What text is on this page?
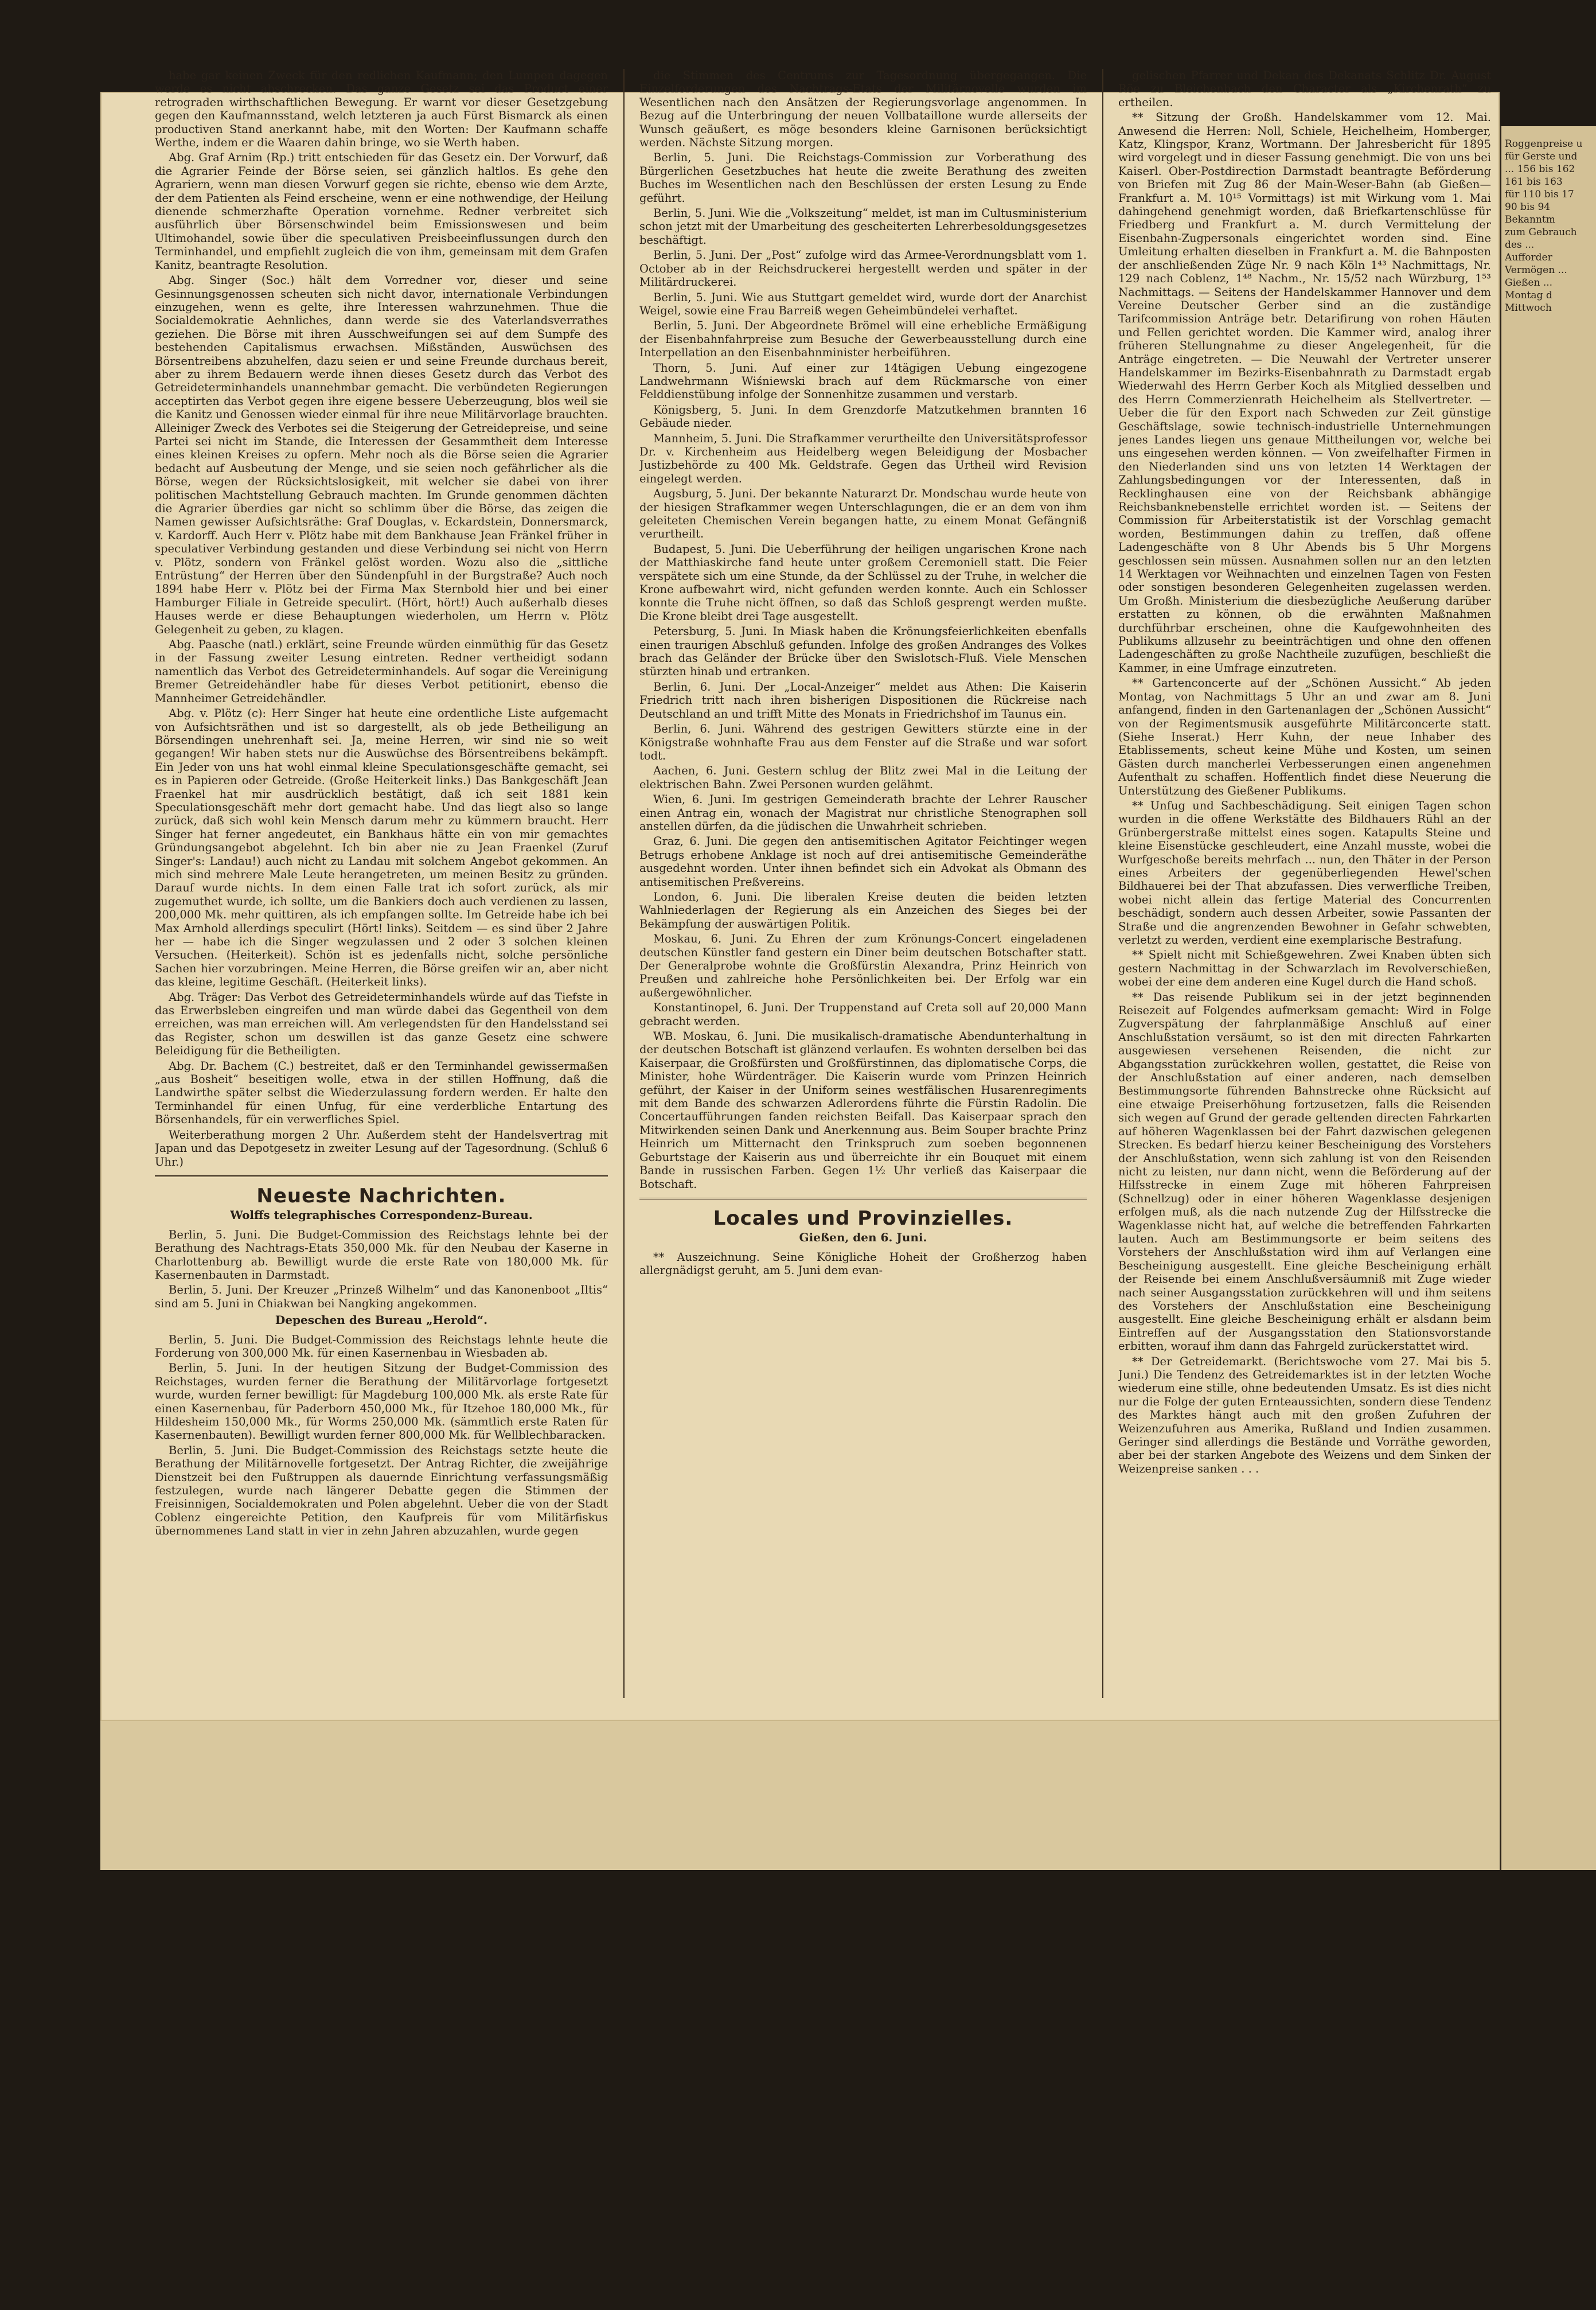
habe gar keinen Zweck für den redlichen Kaufmann; den Lumpen dagegen werde es nicht abschrecken. Das ganze Gesetz sei das Product einer retrograden wirthschaftlichen Bewegung. Er warnt vor dieser Gesetzgebung gegen den Kaufmannsstand, welch letzteren ja auch Fürst Bismarck als einen productiven Stand anerkannt habe, mit den Worten: Der Kaufmann schaffe Werthe, indem er die Waaren dahin bringe, wo sie Werth haben.

Abg. Graf Arnim (Rp.) tritt entschieden für das Gesetz ein. Der Vorwurf, daß die Agrarier Feinde der Börse seien, sei gänzlich haltlos. Es gehe den Agrariern, wenn man diesen Vorwurf gegen sie richte, ebenso wie dem Arzte, der dem Patienten als Feind erscheine, wenn er eine nothwendige, der Heilung dienende schmerzhafte Operation vornehme. Redner verbreitet sich ausführlich über Börsenschwindel beim Emissionswesen und beim Ultimohandel, sowie über die speculativen Preisbeeinflussungen durch den Terminhandel, und empfiehlt zugleich die von ihm, gemeinsam mit dem Grafen Kanitz, beantragte Resolution.

Abg. Singer (Soc.) hält dem Vorredner vor, dieser und seine Gesinnungsgenossen scheuten sich nicht davor, internationale Verbindungen einzugehen, wenn es gelte, ihre Interessen wahrzunehmen. Thue die Socialdemokratie Aehnliches, dann werde sie des Vaterlandsverrathes geziehen. Die Börse mit ihren Ausschweifungen sei auf dem Sumpfe des bestehenden Capitalismus erwachsen. Mißständen, Auswüchsen des Börsentreibens abzuhelfen, dazu seien er und seine Freunde durchaus bereit, aber zu ihrem Bedauern werde ihnen dieses Gesetz durch das Verbot des Getreideterminhandels unannehmbar gemacht. Die verbündeten Regierungen acceptirten das Verbot gegen ihre eigene bessere Ueberzeugung, blos weil sie die Kanitz und Genossen wieder einmal für ihre neue Militärvorlage brauchten. Alleiniger Zweck des Verbotes sei die Steigerung der Getreidepreise, und seine Partei sei nicht im Stande, die Interessen der Gesammtheit dem Interesse eines kleinen Kreises zu opfern. Mehr noch als die Börse seien die Agrarier bedacht auf Ausbeutung der Menge, und sie seien noch gefährlicher als die Börse, wegen der Rücksichtslosigkeit, mit welcher sie dabei von ihrer politischen Machtstellung Gebrauch machten. Im Grunde genommen dächten die Agrarier überdies gar nicht so schlimm über die Börse, das zeigen die Namen gewisser Aufsichtsräthe: Graf Douglas, v. Eckardstein, Donnersmarck, v. Kardorff. Auch Herr v. Plötz habe mit dem Bankhause Jean Fränkel früher in speculativer Verbindung gestanden und diese Verbindung sei nicht von Herrn v. Plötz, sondern von Fränkel gelöst worden. Wozu also die „sittliche Entrüstung“ der Herren über den Sündenpfuhl in der Burgstraße? Auch noch 1894 habe Herr v. Plötz bei der Firma Max Sternbold hier und bei einer Hamburger Filiale in Getreide speculirt. (Hört, hört!) Auch außerhalb dieses Hauses werde er diese Behauptungen wiederholen, um Herrn v. Plötz Gelegenheit zu geben, zu klagen.

Abg. Paasche (natl.) erklärt, seine Freunde würden einmüthig für das Gesetz in der Fassung zweiter Lesung eintreten. Redner vertheidigt sodann namentlich das Verbot des Getreideterminhandels. Auf sogar die Vereinigung Bremer Getreidehändler habe für dieses Verbot petitionirt, ebenso die Mannheimer Getreidehändler.

Abg. v. Plötz (c): Herr Singer hat heute eine ordentliche Liste aufgemacht von Aufsichtsräthen und ist so dargestellt, als ob jede Betheiligung an Börsendingen unehrenhaft sei. Ja, meine Herren, wir sind nie so weit gegangen! Wir haben stets nur die Auswüchse des Börsentreibens bekämpft. Ein Jeder von uns hat wohl einmal kleine Speculationsgeschäfte gemacht, sei es in Papieren oder Getreide. (Große Heiterkeit links.) Das Bankgeschäft Jean Fraenkel hat mir ausdrücklich bestätigt, daß ich seit 1881 kein Speculationsgeschäft mehr dort gemacht habe. Und das liegt also so lange zurück, daß sich wohl kein Mensch darum mehr zu kümmern braucht. Herr Singer hat ferner angedeutet, ein Bankhaus hätte ein von mir gemachtes Gründungsangebot abgelehnt. Ich bin aber nie zu Jean Fraenkel (Zuruf Singer's: Landau!) auch nicht zu Landau mit solchem Angebot gekommen. An mich sind mehrere Male Leute herangetreten, um meinen Besitz zu gründen. Darauf wurde nichts. In dem einen Falle trat ich sofort zurück, als mir zugemuthet wurde, ich sollte, um die Bankiers doch auch verdienen zu lassen, 200,000 Mk. mehr quittiren, als ich empfangen sollte. Im Getreide habe ich bei Max Arnhold allerdings speculirt (Hört! links). Seitdem — es sind über 2 Jahre her — habe ich die Singer wegzulassen und 2 oder 3 solchen kleinen Versuchen. (Heiterkeit). Schön ist es jedenfalls nicht, solche persönliche Sachen hier vorzubringen. Meine Herren, die Börse greifen wir an, aber nicht das kleine, legitime Geschäft. (Heiterkeit links).

Abg. Träger: Das Verbot des Getreideterminhandels würde auf das Tiefste in das Erwerbsleben eingreifen und man würde dabei das Gegentheil von dem erreichen, was man erreichen will. Am verlegendsten für den Handelsstand sei das Register, schon um deswillen ist das ganze Gesetz eine schwere Beleidigung für die Betheiligten.

Abg. Dr. Bachem (C.) bestreitet, daß er den Terminhandel gewissermaßen „aus Bosheit“ beseitigen wolle, etwa in der stillen Hoffnung, daß die Landwirthe später selbst die Wiederzulassung fordern werden. Er halte den Terminhandel für einen Unfug, für eine verderbliche Entartung des Börsenhandels, für ein verwerfliches Spiel.

Weiterberathung morgen 2 Uhr. Außerdem steht der Handelsvertrag mit Japan und das Depotgesetz in zweiter Lesung auf der Tagesordnung. (Schluß 6 Uhr.)

Neueste Nachrichten.
Wolffs telegraphisches Correspondenz-Bureau.

Berlin, 5. Juni. Die Budget-Commission des Reichstags lehnte bei der Berathung des Nachtrags-Etats 350,000 Mk. für den Neubau der Kaserne in Charlottenburg ab. Bewilligt wurde die erste Rate von 180,000 Mk. für Kasernenbauten in Darmstadt.

Berlin, 5. Juni. Der Kreuzer „Prinzeß Wilhelm“ und das Kanonenboot „Iltis“ sind am 5. Juni in Chiakwan bei Nangking angekommen.

Depeschen des Bureau „Herold“.

Berlin, 5. Juni. Die Budget-Commission des Reichstags lehnte heute die Forderung von 300,000 Mk. für einen Kasernenbau in Wiesbaden ab.

Berlin, 5. Juni. In der heutigen Sitzung der Budget-Commission des Reichstages, wurden ferner die Berathung der Militärvorlage fortgesetzt wurde, wurden ferner bewilligt: für Magdeburg 100,000 Mk. als erste Rate für einen Kasernenbau, für Paderborn 450,000 Mk., für Itzehoe 180,000 Mk., für Hildesheim 150,000 Mk., für Worms 250,000 Mk. (sämmtlich erste Raten für Kasernenbauten). Bewilligt wurden ferner 800,000 Mk. für Wellblechbaracken.

Berlin, 5. Juni. Die Budget-Commission des Reichstags setzte heute die Berathung der Militärnovelle fortgesetzt. Der Antrag Richter, die zweijährige Dienstzeit bei den Fußtruppen als dauernde Einrichtung verfassungsmäßig festzulegen, wurde nach längerer Debatte gegen die Stimmen der Freisinnigen, Socialdemokraten und Polen abgelehnt. Ueber die von der Stadt Coblenz eingereichte Petition, den Kaufpreis für vom Militärfiskus übernommenes Land statt in vier in zehn Jahren abzuzahlen, wurde gegen

die Stimmen des Centrums zur Tagesordnung übergegangen. Die Einzelforderungen des Nachtrags-Etats der Militärnovelle wurden im Wesentlichen nach den Ansätzen der Regierungsvorlage angenommen. In Bezug auf die Unterbringung der neuen Vollbataillone wurde allerseits der Wunsch geäußert, es möge besonders kleine Garnisonen berücksichtigt werden. Nächste Sitzung morgen.

Berlin, 5. Juni. Die Reichstags-Commission zur Vorberathung des Bürgerlichen Gesetzbuches hat heute die zweite Berathung des zweiten Buches im Wesentlichen nach den Beschlüssen der ersten Lesung zu Ende geführt.

Berlin, 5. Juni. Wie die „Volkszeitung“ meldet, ist man im Cultusministerium schon jetzt mit der Umarbeitung des gescheiterten Lehrerbesoldungsgesetzes beschäftigt.

Berlin, 5. Juni. Der „Post“ zufolge wird das Armee-Verordnungsblatt vom 1. October ab in der Reichsdruckerei hergestellt werden und später in der Militärdruckerei.

Berlin, 5. Juni. Wie aus Stuttgart gemeldet wird, wurde dort der Anarchist Weigel, sowie eine Frau Barreiß wegen Geheimbündelei verhaftet.

Berlin, 5. Juni. Der Abgeordnete Brömel will eine erhebliche Ermäßigung der Eisenbahnfahrpreise zum Besuche der Gewerbeausstellung durch eine Interpellation an den Eisenbahnminister herbeiführen.

Thorn, 5. Juni. Auf einer zur 14tägigen Uebung eingezogene Landwehrmann Wiśniewski brach auf dem Rückmarsche von einer Felddienstübung infolge der Sonnenhitze zusammen und verstarb.

Königsberg, 5. Juni. In dem Grenzdorfe Matzutkehmen brannten 16 Gebäude nieder.

Mannheim, 5. Juni. Die Strafkammer verurtheilte den Universitätsprofessor Dr. v. Kirchenheim aus Heidelberg wegen Beleidigung der Mosbacher Justizbehörde zu 400 Mk. Geldstrafe. Gegen das Urtheil wird Revision eingelegt werden.

Augsburg, 5. Juni. Der bekannte Naturarzt Dr. Mondschau wurde heute von der hiesigen Strafkammer wegen Unterschlagungen, die er an dem von ihm geleiteten Chemischen Verein begangen hatte, zu einem Monat Gefängniß verurtheilt.

Budapest, 5. Juni. Die Ueberführung der heiligen ungarischen Krone nach der Matthiaskirche fand heute unter großem Ceremoniell statt. Die Feier verspätete sich um eine Stunde, da der Schlüssel zu der Truhe, in welcher die Krone aufbewahrt wird, nicht gefunden werden konnte. Auch ein Schlosser konnte die Truhe nicht öffnen, so daß das Schloß gesprengt werden mußte. Die Krone bleibt drei Tage ausgestellt.

Petersburg, 5. Juni. In Miask haben die Krönungsfeierlichkeiten ebenfalls einen traurigen Abschluß gefunden. Infolge des großen Andranges des Volkes brach das Geländer der Brücke über den Swislotsch-Fluß. Viele Menschen stürzten hinab und ertranken.

Berlin, 6. Juni. Der „Local-Anzeiger“ meldet aus Athen: Die Kaiserin Friedrich tritt nach ihren bisherigen Dispositionen die Rückreise nach Deutschland an und trifft Mitte des Monats in Friedrichshof im Taunus ein.

Berlin, 6. Juni. Während des gestrigen Gewitters stürzte eine in der Königstraße wohnhafte Frau aus dem Fenster auf die Straße und war sofort todt.

Aachen, 6. Juni. Gestern schlug der Blitz zwei Mal in die Leitung der elektrischen Bahn. Zwei Personen wurden gelähmt.

Wien, 6. Juni. Im gestrigen Gemeinderath brachte der Lehrer Rauscher einen Antrag ein, wonach der Magistrat nur christliche Stenographen soll anstellen dürfen, da die jüdischen die Unwahrheit schrieben.

Graz, 6. Juni. Die gegen den antisemitischen Agitator Feichtinger wegen Betrugs erhobene Anklage ist noch auf drei antisemitische Gemeinderäthe ausgedehnt worden. Unter ihnen befindet sich ein Advokat als Obmann des antisemitischen Preßvereins.

London, 6. Juni. Die liberalen Kreise deuten die beiden letzten Wahlniederlagen der Regierung als ein Anzeichen des Sieges bei der Bekämpfung der auswärtigen Politik.

Moskau, 6. Juni. Zu Ehren der zum Krönungs-Concert eingeladenen deutschen Künstler fand gestern ein Diner beim deutschen Botschafter statt. Der Generalprobe wohnte die Großfürstin Alexandra, Prinz Heinrich von Preußen und zahlreiche hohe Persönlichkeiten bei. Der Erfolg war ein außergewöhnlicher.

Konstantinopel, 6. Juni. Der Truppenstand auf Creta soll auf 20,000 Mann gebracht werden.

WB. Moskau, 6. Juni. Die musikalisch-dramatische Abendunterhaltung in der deutschen Botschaft ist glänzend verlaufen. Es wohnten derselben bei das Kaiserpaar, die Großfürsten und Großfürstinnen, das diplomatische Corps, die Minister, hohe Würdenträger. Die Kaiserin wurde vom Prinzen Heinrich geführt, der Kaiser in der Uniform seines westfälischen Husarenregiments mit dem Bande des schwarzen Adlerordens führte die Fürstin Radolin. Die Concertaufführungen fanden reichsten Beifall. Das Kaiserpaar sprach den Mitwirkenden seinen Dank und Anerkennung aus. Beim Souper brachte Prinz Heinrich um Mitternacht den Trinkspruch zum soeben begonnenen Geburtstage der Kaiserin aus und überreichte ihr ein Bouquet mit einem Bande in russischen Farben. Gegen 1½ Uhr verließ das Kaiserpaar die Botschaft.

Locales und Provinzielles.
Gießen, den 6. Juni.

** Auszeichnung. Seine Königliche Hoheit der Großherzog haben allergnädigst geruht, am 5. Juni dem evan-

gelischen Pfarrer und Dekan des Dekanats Schlitz Dr. August Röe zu Bleichenbach den Character als „Kirchenrath“ zu ertheilen.

** Sitzung der Großh. Handelskammer vom 12. Mai. Anwesend die Herren: Noll, Schiele, Heichelheim, Homberger, Katz, Klingspor, Kranz, Wortmann. Der Jahresbericht für 1895 wird vorgelegt und in dieser Fassung genehmigt. Die von uns bei Kaiserl. Ober-Postdirection Darmstadt beantragte Beförderung von Briefen mit Zug 86 der Main-Weser-Bahn (ab Gießen—Frankfurt a. M. 10¹⁵ Vormittags) ist mit Wirkung vom 1. Mai dahingehend genehmigt worden, daß Briefkartenschlüsse für Friedberg und Frankfurt a. M. durch Vermittelung der Eisenbahn-Zugpersonals eingerichtet worden sind. Eine Umleitung erhalten dieselben in Frankfurt a. M. die Bahnposten der anschließenden Züge Nr. 9 nach Köln 1⁴³ Nachmittags, Nr. 129 nach Coblenz, 1⁴⁸ Nachm., Nr. 15/52 nach Würzburg, 1⁵³ Nachmittags. — Seitens der Handelskammer Hannover und dem Vereine Deutscher Gerber sind an die zuständige Tarifcommission Anträge betr. Detarifirung von rohen Häuten und Fellen gerichtet worden. Die Kammer wird, analog ihrer früheren Stellungnahme zu dieser Angelegenheit, für die Anträge eingetreten. — Die Neuwahl der Vertreter unserer Handelskammer im Bezirks-Eisenbahnrath zu Darmstadt ergab Wiederwahl des Herrn Gerber Koch als Mitglied desselben und des Herrn Commerzienrath Heichelheim als Stellvertreter. — Ueber die für den Export nach Schweden zur Zeit günstige Geschäftslage, sowie technisch-industrielle Unternehmungen jenes Landes liegen uns genaue Mittheilungen vor, welche bei uns eingesehen werden können. — Von zweifelhafter Firmen in den Niederlanden sind uns von letzten 14 Werktagen der Zahlungsbedingungen vor der Interessenten, daß in Recklinghausen eine von der Reichsbank abhängige Reichsbanknebenstelle errichtet worden ist. — Seitens der Commission für Arbeiterstatistik ist der Vorschlag gemacht worden, Bestimmungen dahin zu treffen, daß offene Ladengeschäfte von 8 Uhr Abends bis 5 Uhr Morgens geschlossen sein müssen. Ausnahmen sollen nur an den letzten 14 Werktagen vor Weihnachten und einzelnen Tagen von Festen oder sonstigen besonderen Gelegenheiten zugelassen werden. Um Großh. Ministerium die diesbezügliche Aeußerung darüber erstatten zu können, ob die erwähnten Maßnahmen durchführbar erscheinen, ohne die Kaufgewohnheiten des Publikums allzusehr zu beeinträchtigen und ohne den offenen Ladengeschäften zu große Nachtheile zuzufügen, beschließt die Kammer, in eine Umfrage einzutreten.

** Gartenconcerte auf der „Schönen Aussicht.“ Ab jeden Montag, von Nachmittags 5 Uhr an und zwar am 8. Juni anfangend, finden in den Gartenanlagen der „Schönen Aussicht“ von der Regimentsmusik ausgeführte Militärconcerte statt. (Siehe Inserat.) Herr Kuhn, der neue Inhaber des Etablissements, scheut keine Mühe und Kosten, um seinen Gästen durch mancherlei Verbesserungen einen angenehmen Aufenthalt zu schaffen. Hoffentlich findet diese Neuerung die Unterstützung des Gießener Publikums.

** Unfug und Sachbeschädigung. Seit einigen Tagen schon wurden in die offene Werkstätte des Bildhauers Rühl an der Grünbergerstraße mittelst eines sogen. Katapults Steine und kleine Eisenstücke geschleudert, eine Anzahl musste, wobei die Wurfgeschoße bereits mehrfach ... nun, den Thäter in der Person eines Arbeiters der gegenüberliegenden Hewel'schen Bildhauerei bei der That abzufassen. Dies verwerfliche Treiben, wobei nicht allein das fertige Material des Concurrenten beschädigt, sondern auch dessen Arbeiter, sowie Passanten der Straße und die angrenzenden Bewohner in Gefahr schwebten, verletzt zu werden, verdient eine exemplarische Bestrafung.

** Spielt nicht mit Schießgewehren. Zwei Knaben übten sich gestern Nachmittag in der Schwarzlach im Revolverschießen, wobei der eine dem anderen eine Kugel durch die Hand schoß.

** Das reisende Publikum sei in der jetzt beginnenden Reisezeit auf Folgendes aufmerksam gemacht: Wird in Folge Zugverspätung der fahrplanmäßige Anschluß auf einer Anschlußstation versäumt, so ist den mit directen Fahrkarten ausgewiesen versehenen Reisenden, die nicht zur Abgangsstation zurückkehren wollen, gestattet, die Reise von der Anschlußstation auf einer anderen, nach demselben Bestimmungsorte führenden Bahnstrecke ohne Rücksicht auf eine etwaige Preiserhöhung fortzusetzen, falls die Reisenden sich wegen auf Grund der gerade geltenden directen Fahrkarten auf höheren Wagenklassen bei der Fahrt dazwischen gelegenen Strecken. Es bedarf hierzu keiner Bescheinigung des Vorstehers der Anschlußstation, wenn sich zahlung ist von den Reisenden nicht zu leisten, nur dann nicht, wenn die Beförderung auf der Hilfsstrecke in einem Zuge mit höheren Fahrpreisen (Schnellzug) oder in einer höheren Wagenklasse desjenigen erfolgen muß, als die nach nutzende Zug der Hilfsstrecke die Wagenklasse nicht hat, auf welche die betreffenden Fahrkarten lauten. Auch am Bestimmungsorte er beim seitens des Vorstehers der Anschlußstation wird ihm auf Verlangen eine Bescheinigung ausgestellt. Eine gleiche Bescheinigung erhält der Reisende bei einem Anschlußversäumniß mit Zuge wieder nach seiner Ausgangsstation zurückkehren will und ihm seitens des Vorstehers der Anschlußstation eine Bescheinigung ausgestellt. Eine gleiche Bescheinigung erhält er alsdann beim Eintreffen auf der Ausgangsstation den Stationsvorstande erbitten, worauf ihm dann das Fahrgeld zurückerstattet wird.

** Der Getreidemarkt. (Berichtswoche vom 27. Mai bis 5. Juni.) Die Tendenz des Getreidemarktes ist in der letzten Woche wiederum eine stille, ohne bedeutenden Umsatz. Es ist dies nicht nur die Folge der guten Ernteaussichten, sondern diese Tendenz des Marktes hängt auch mit den großen Zufuhren der Weizenzufuhren aus Amerika, Rußland und Indien zusammen. Geringer sind allerdings die Bestände und Vorräthe geworden, aber bei der starken Angebote des Weizens und dem Sinken der Weizenpreise sanken . . .

Roggenpreise u
für Gerste und
... 156 bis 162
161 bis 163
für 110 bis 17
90 bis 94
Bekanntm
zum Gebrauch
des ...
Aufforder
Vermögen ...
Gießen ...
Montag d
Mittwoch
